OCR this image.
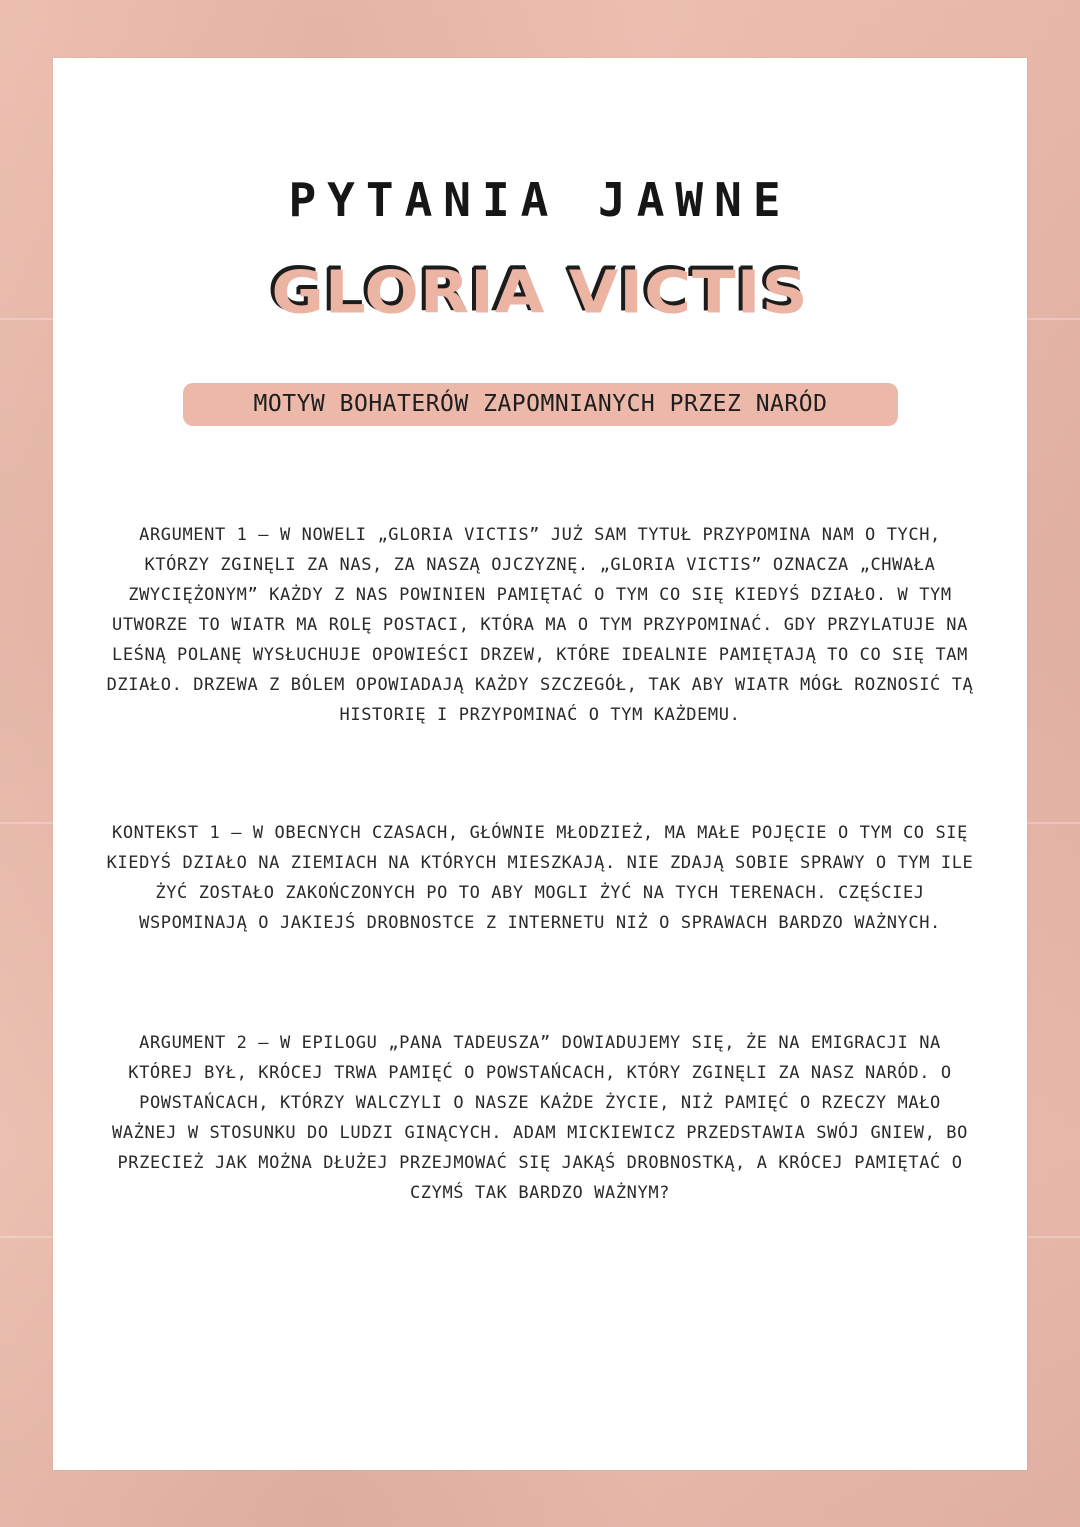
PYTANIA JAWNE
GLORIA VICTIS
MOTYW BOHATERÓW ZAPOMNIANYCH PRZEZ NARÓD

ARGUMENT 1 – W NOWELI „GLORIA VICTIS” JUŻ SAM TYTUŁ PRZYPOMINA NAM O TYCH, KTÓRZY ZGINĘLI ZA NAS, ZA NASZĄ OJCZYZNĘ. „GLORIA VICTIS” OZNACZA „CHWAŁA ZWYCIĘŻONYM” KAŻDY Z NAS POWINIEN PAMIĘTAĆ O TYM CO SIĘ KIEDYŚ DZIAŁO. W TYM UTWORZE TO WIATR MA ROLĘ POSTACI, KTÓRA MA O TYM PRZYPOMINAĆ. GDY PRZYLATUJE NA LEŚNĄ POLANĘ WYSŁUCHUJE OPOWIEŚCI DRZEW, KTÓRE IDEALNIE PAMIĘTAJĄ TO CO SIĘ TAM DZIAŁO. DRZEWA Z BÓLEM OPOWIADAJĄ KAŻDY SZCZEGÓŁ, TAK ABY WIATR MÓGŁ ROZNOSIĆ TĄ HISTORIĘ I PRZYPOMINAĆ O TYM KAŻDEMU.

KONTEKST 1 – W OBECNYCH CZASACH, GŁÓWNIE MŁODZIEŻ, MA MAŁE POJĘCIE O TYM CO SIĘ KIEDYŚ DZIAŁO NA ZIEMIACH NA KTÓRYCH MIESZKAJĄ. NIE ZDAJĄ SOBIE SPRAWY O TYM ILE ŻYĆ ZOSTAŁO ZAKOŃCZONYCH PO TO ABY MOGLI ŻYĆ NA TYCH TERENACH. CZĘŚCIEJ WSPOMINAJĄ O JAKIEJŚ DROBNOSTCE Z INTERNETU NIŻ O SPRAWACH BARDZO WAŻNYCH.

ARGUMENT 2 – W EPILOGU „PANA TADEUSZA” DOWIADUJEMY SIĘ, ŻE NA EMIGRACJI NA KTÓREJ BYŁ, KRÓCEJ TRWA PAMIĘĆ O POWSTAŃCACH, KTÓRY ZGINĘLI ZA NASZ NARÓD. O POWSTAŃCACH, KTÓRZY WALCZYLI O NASZE KAŻDE ŻYCIE, NIŻ PAMIĘĆ O RZECZY MAŁO WAŻNEJ W STOSUNKU DO LUDZI GINĄCYCH. ADAM MICKIEWICZ PRZEDSTAWIA SWÓJ GNIEW, BO PRZECIEŻ JAK MOŻNA DŁUŻEJ PRZEJMOWAĆ SIĘ JAKĄŚ DROBNOSTKĄ, A KRÓCEJ PAMIĘTAĆ O CZYMŚ TAK BARDZO WAŻNYM?
